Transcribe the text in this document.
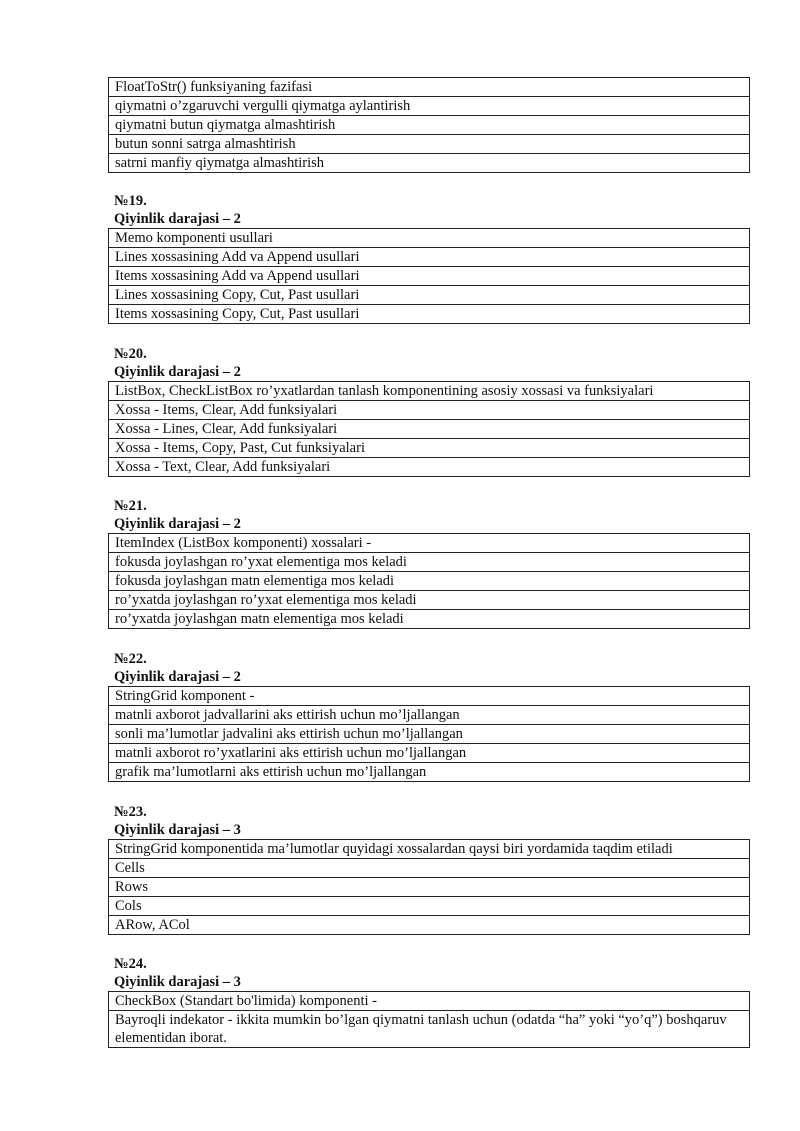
FloatToStr() funksiyaning fazifasi
qiymatni o’zgaruvchi vergulli qiymatga aylantirish
qiymatni butun qiymatga almashtirish
butun sonni satrga almashtirish
satrni manfiy qiymatga almashtirish
№19.
Qiyinlik darajasi – 2
Memo komponenti usullari
Lines xossasining Add va Append usullari
Items xossasining Add va Append usullari
Lines xossasining Copy, Cut, Past usullari
Items xossasining Copy, Cut, Past usullari
№20.
Qiyinlik darajasi – 2
ListBox, CheckListBox ro’yxatlardan tanlash komponentining asosiy xossasi va funksiyalari
Xossa - Items, Clear, Add funksiyalari
Xossa - Lines, Clear, Add funksiyalari
Xossa - Items, Copy, Past, Cut funksiyalari
Xossa - Text, Clear, Add funksiyalari
№21.
Qiyinlik darajasi – 2
ItemIndex (ListBox komponenti) xossalari -
fokusda joylashgan ro’yxat elementiga mos keladi
fokusda joylashgan matn elementiga mos keladi
ro’yxatda joylashgan ro’yxat elementiga mos keladi
ro’yxatda joylashgan matn elementiga mos keladi
№22.
Qiyinlik darajasi – 2
StringGrid komponent -
matnli axborot jadvallarini aks ettirish uchun mo’ljallangan
sonli ma’lumotlar jadvalini aks ettirish uchun mo’ljallangan
matnli axborot ro’yxatlarini aks ettirish uchun mo’ljallangan
grafik ma’lumotlarni aks ettirish uchun mo’ljallangan
№23.
Qiyinlik darajasi – 3
StringGrid komponentida ma’lumotlar quyidagi xossalardan qaysi biri yordamida taqdim etiladi
Cells
Rows
Cols
ARow, ACol
№24.
Qiyinlik darajasi – 3
CheckBox (Standart bo'limida) komponenti -
Bayroqli indekator - ikkita mumkin bo’lgan qiymatni tanlash uchun (odatda “ha” yoki “yo’q”) boshqaruv elementidan iborat.
